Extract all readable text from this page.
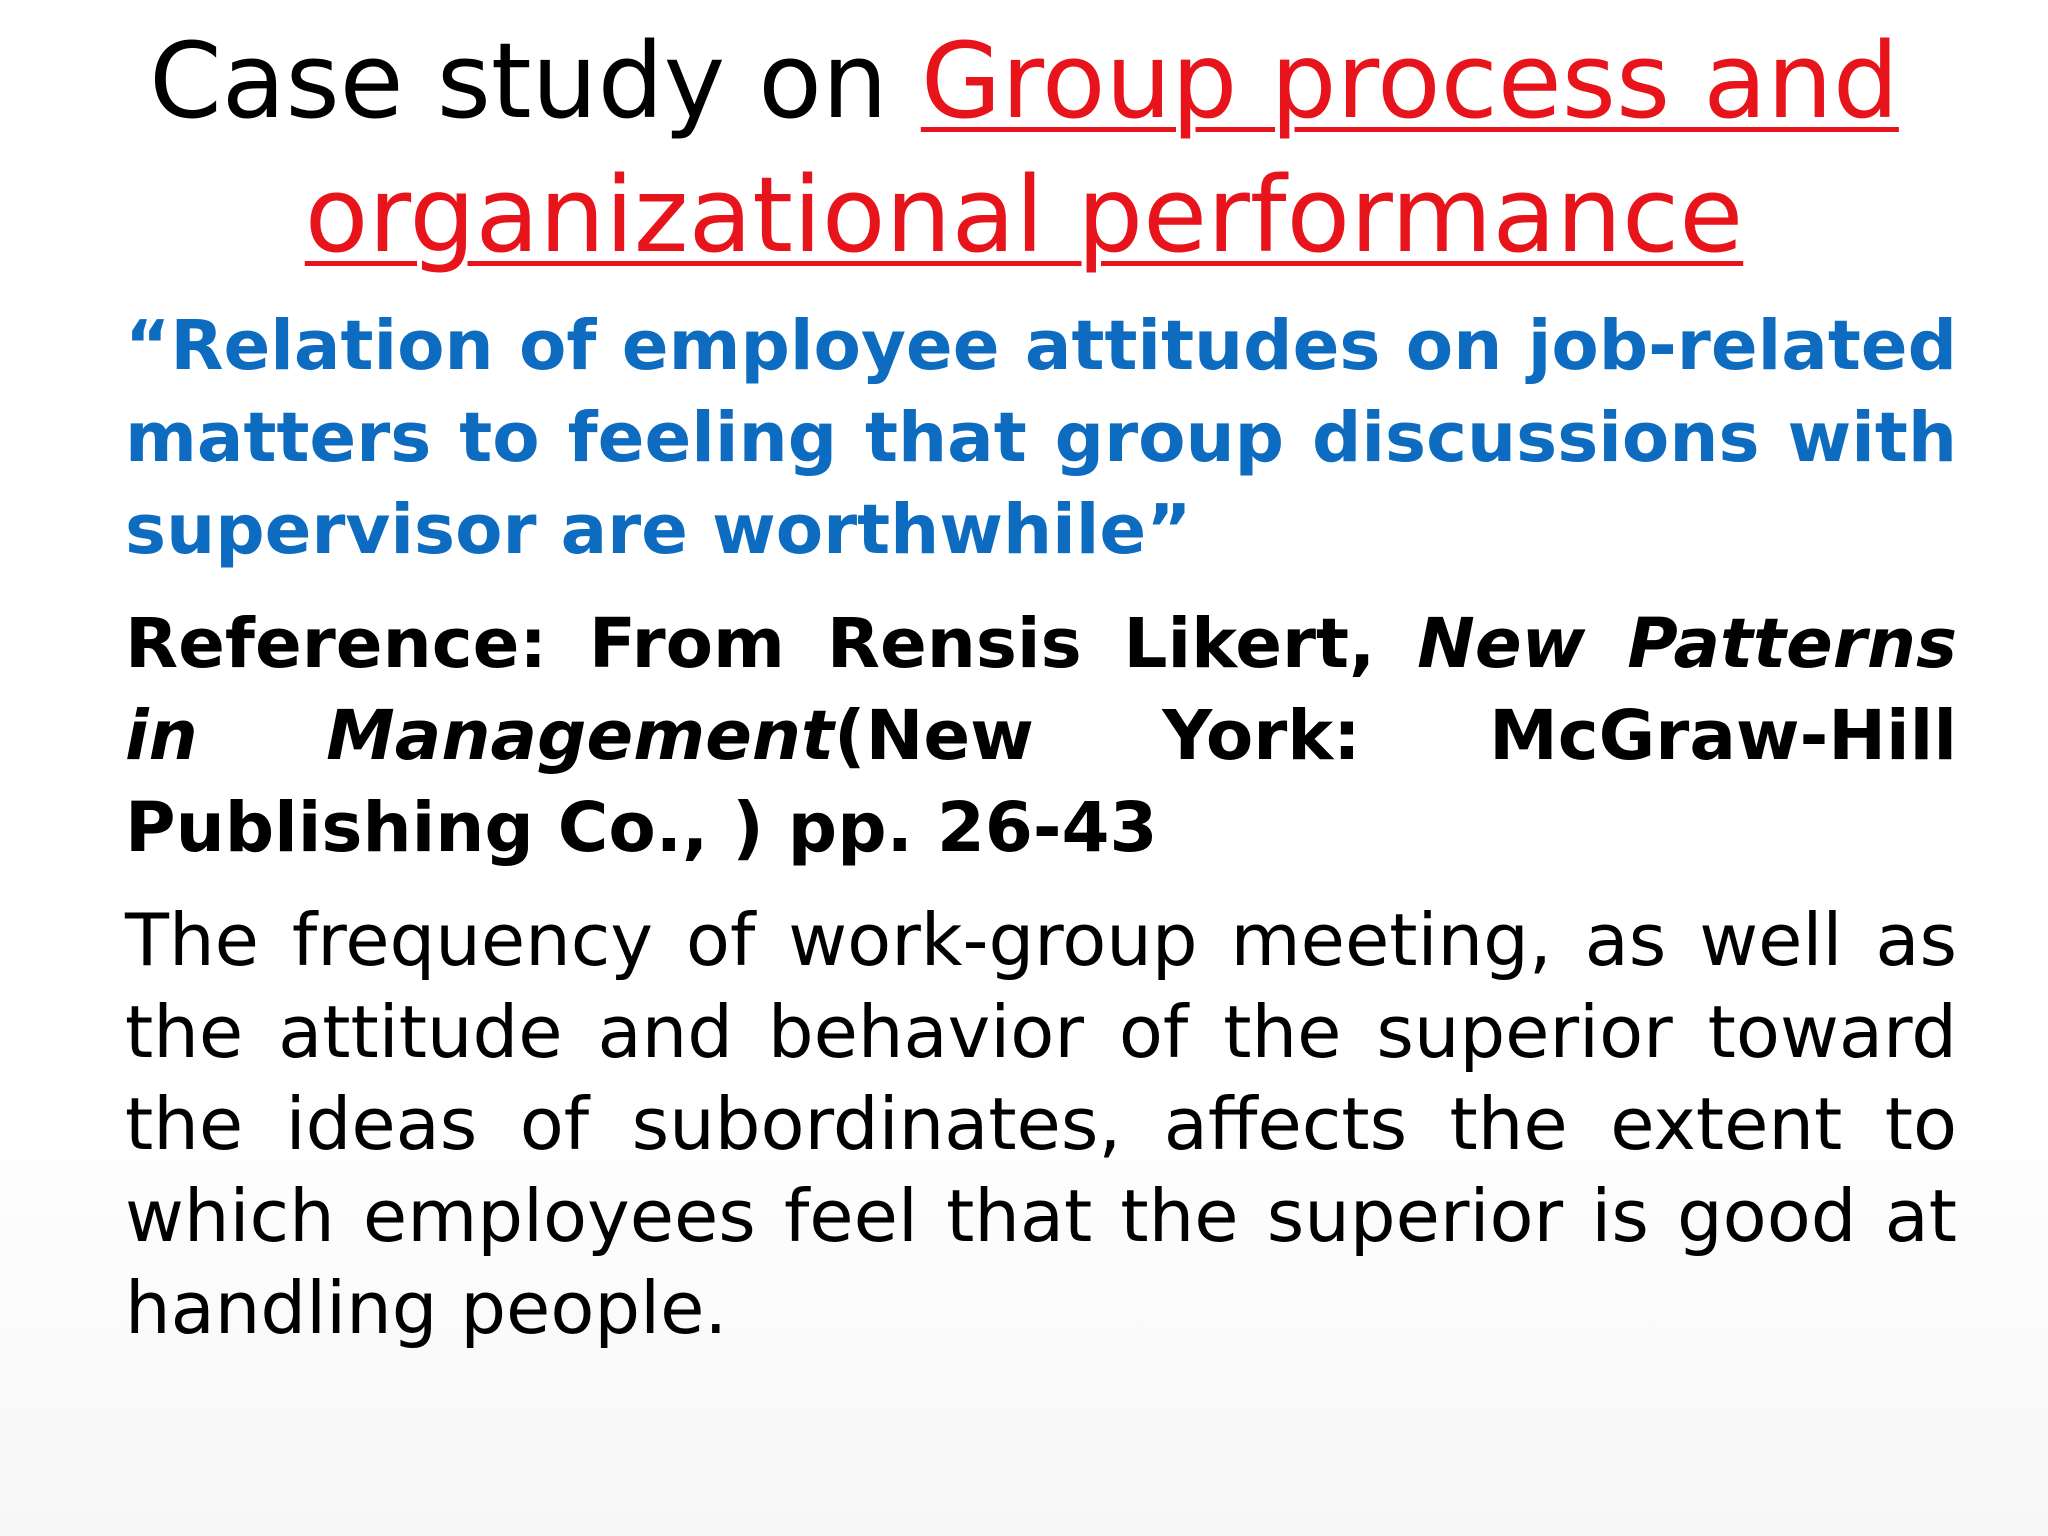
Case study on Group process and organizational performance
“Relation of employee attitudes on job-related matters to feeling that group discussions with supervisor are worthwhile”
Reference: From Rensis Likert, New Patterns in Management(New York: McGraw-Hill Publishing Co., ) pp. 26-43
The frequency of work-group meeting, as well as the attitude and behavior of the superior toward the ideas of subordinates, affects the extent to which employees feel that the superior is good at handling people.
